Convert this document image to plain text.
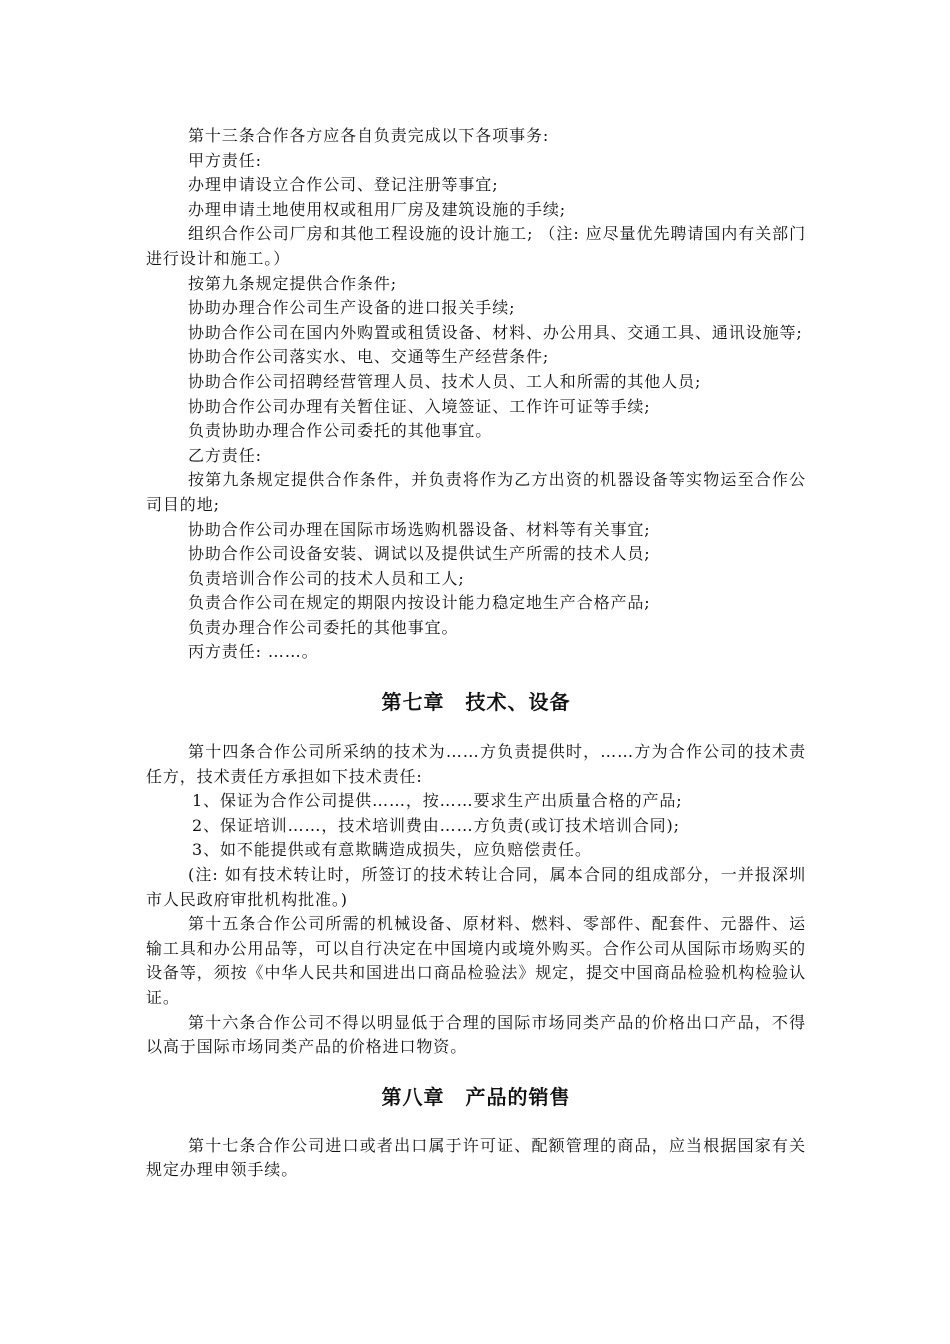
第十三条合作各方应各自负责完成以下各项事务:

甲方责任:

办理申请设立合作公司、登记注册等事宜;

办理申请土地使用权或租用厂房及建筑设施的手续;

组织合作公司厂房和其他工程设施的设计施工; （注: 应尽量优先聘请国内有关部门进行设计和施工。）

按第九条规定提供合作条件;

协助办理合作公司生产设备的进口报关手续;

协助合作公司在国内外购置或租赁设备、材料、办公用具、交通工具、通讯设施等;

协助合作公司落实水、电、交通等生产经营条件;

协助合作公司招聘经营管理人员、技术人员、工人和所需的其他人员;

协助合作公司办理有关暂住证、入境签证、工作许可证等手续;

负责协助办理合作公司委托的其他事宜。

乙方责任:

按第九条规定提供合作条件，并负责将作为乙方出资的机器设备等实物运至合作公司目的地;

协助合作公司办理在国际市场选购机器设备、材料等有关事宜;

协助合作公司设备安装、调试以及提供试生产所需的技术人员;

负责培训合作公司的技术人员和工人;

负责合作公司在规定的期限内按设计能力稳定地生产合格产品;

负责办理合作公司委托的其他事宜。

丙方责任: ……。

第七章　技术、设备

第十四条合作公司所采纳的技术为……方负责提供时，……方为合作公司的技术责任方，技术责任方承担如下技术责任:

1、保证为合作公司提供……，按……要求生产出质量合格的产品;

2、保证培训……，技术培训费由……方负责(或订技术培训合同);

3、如不能提供或有意欺瞒造成损失，应负赔偿责任。

(注: 如有技术转让时，所签订的技术转让合同，属本合同的组成部分，一并报深圳市人民政府审批机构批准。)

第十五条合作公司所需的机械设备、原材料、燃料、零部件、配套件、元器件、运输工具和办公用品等，可以自行决定在中国境内或境外购买。合作公司从国际市场购买的设备等，须按《中华人民共和国进出口商品检验法》规定，提交中国商品检验机构检验认证。

第十六条合作公司不得以明显低于合理的国际市场同类产品的价格出口产品，不得以高于国际市场同类产品的价格进口物资。

第八章　产品的销售

第十七条合作公司进口或者出口属于许可证、配额管理的商品，应当根据国家有关规定办理申领手续。
